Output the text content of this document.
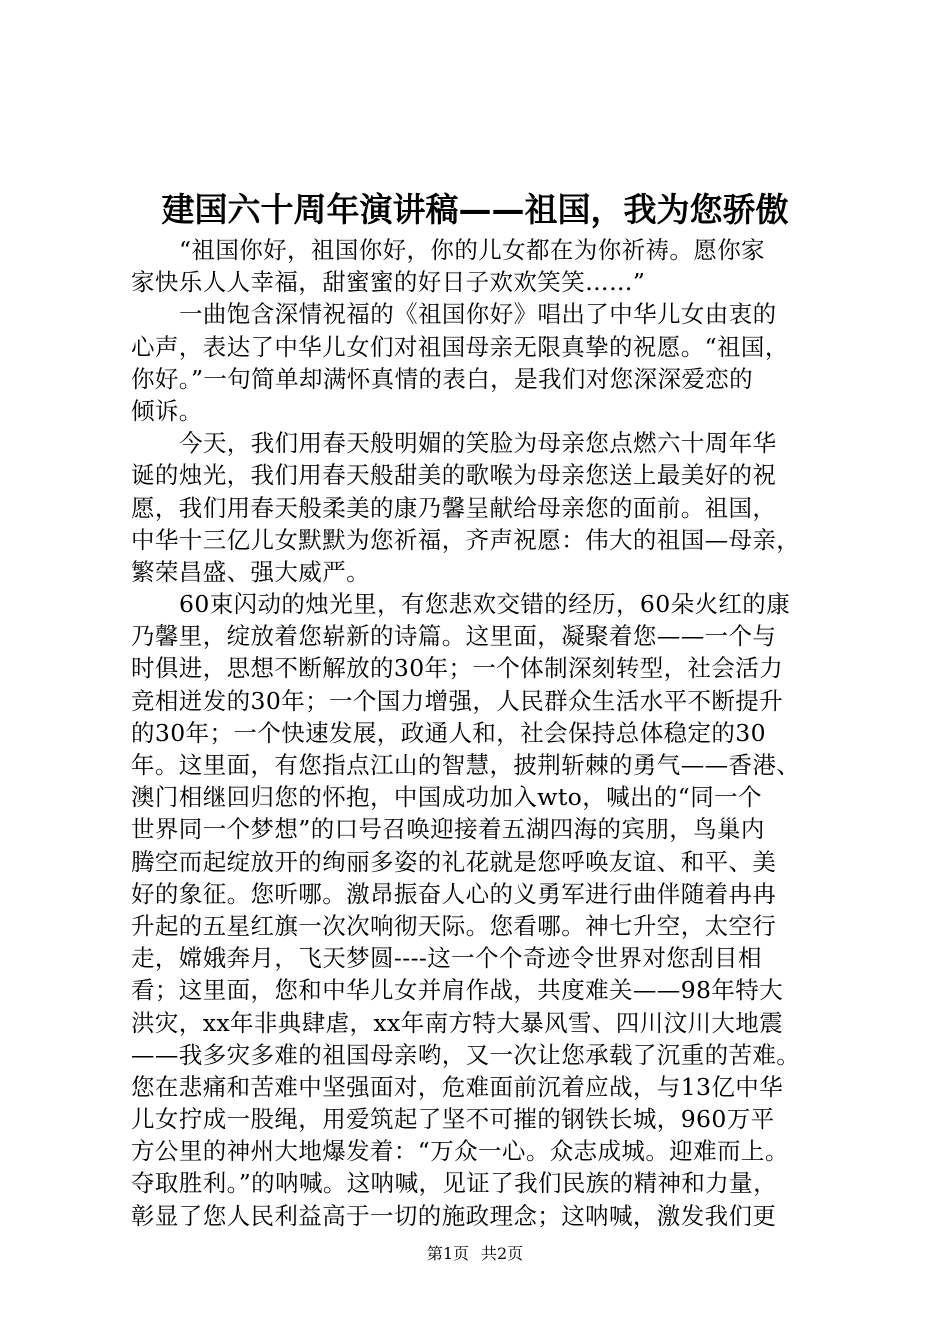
建国六十周年演讲稿——祖国，我为您骄傲
“祖国你好，祖国你好，你的儿女都在为你祈祷。愿你家
家快乐人人幸福，甜蜜蜜的好日子欢欢笑笑……”
一曲饱含深情祝福的《祖国你好》唱出了中华儿女由衷的
心声，表达了中华儿女们对祖国母亲无限真挚的祝愿。“祖国，
你好。”一句简单却满怀真情的表白，是我们对您深深爱恋的
倾诉。
今天，我们用春天般明媚的笑脸为母亲您点燃六十周年华
诞的烛光，我们用春天般甜美的歌喉为母亲您送上最美好的祝
愿，我们用春天般柔美的康乃馨呈献给母亲您的面前。祖国，
中华十三亿儿女默默为您祈福，齐声祝愿：伟大的祖国—母亲，
繁荣昌盛、强大威严。
60束闪动的烛光里，有您悲欢交错的经历，60朵火红的康
乃馨里，绽放着您崭新的诗篇。这里面，凝聚着您——一个与
时俱进，思想不断解放的30年；一个体制深刻转型，社会活力
竞相迸发的30年；一个国力增强，人民群众生活水平不断提升
的30年；一个快速发展，政通人和，社会保持总体稳定的30
年。这里面，有您指点江山的智慧，披荆斩棘的勇气——香港、
澳门相继回归您的怀抱，中国成功加入wto，喊出的“同一个
世界同一个梦想”的口号召唤迎接着五湖四海的宾朋，鸟巢内
腾空而起绽放开的绚丽多姿的礼花就是您呼唤友谊、和平、美
好的象征。您听哪。激昂振奋人心的义勇军进行曲伴随着冉冉
升起的五星红旗一次次响彻天际。您看哪。神七升空，太空行
走，嫦娥奔月，飞天梦圆----这一个个奇迹令世界对您刮目相
看；这里面，您和中华儿女并肩作战，共度难关——98年特大
洪灾，xx年非典肆虐，xx年南方特大暴风雪、四川汶川大地震
——我多灾多难的祖国母亲哟，又一次让您承载了沉重的苦难。
您在悲痛和苦难中坚强面对，危难面前沉着应战，与13亿中华
儿女拧成一股绳，用爱筑起了坚不可摧的钢铁长城，960万平
方公里的神州大地爆发着：“万众一心。众志成城。迎难而上。
夺取胜利。”的呐喊。这呐喊，见证了我们民族的精神和力量，
彰显了您人民利益高于一切的施政理念；这呐喊，激发我们更
第1页 共2页
